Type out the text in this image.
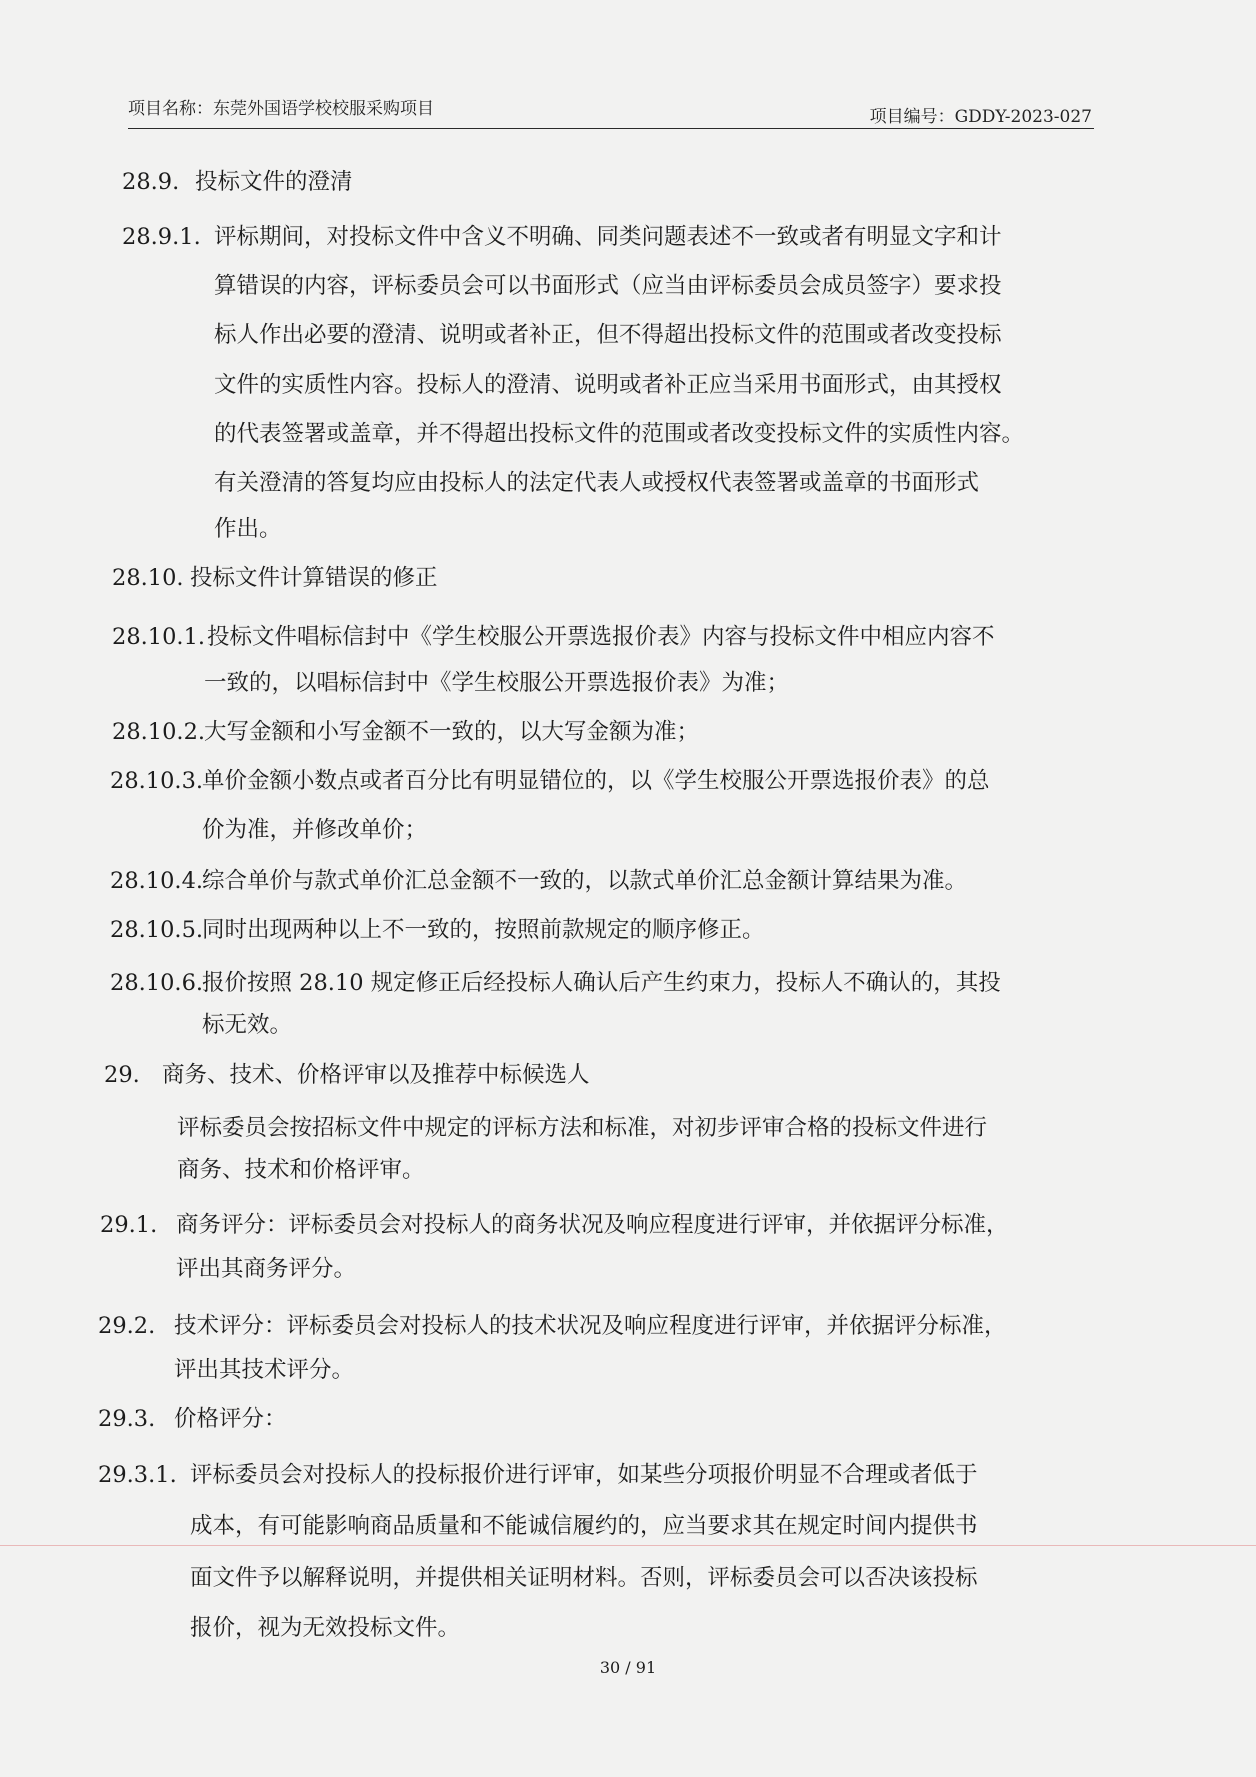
项目名称：东莞外国语学校校服采购项目	项目编号：GDDY-2023-027
28.9. 投标文件的澄清
28.9.1. 评标期间，对投标文件中含义不明确、同类问题表述不一致或者有明显文字和计
算错误的内容，评标委员会可以书面形式（应当由评标委员会成员签字）要求投
标人作出必要的澄清、说明或者补正，但不得超出投标文件的范围或者改变投标
文件的实质性内容。投标人的澄清、说明或者补正应当采用书面形式，由其授权
的代表签署或盖章，并不得超出投标文件的范围或者改变投标文件的实质性内容。
有关澄清的答复均应由投标人的法定代表人或授权代表签署或盖章的书面形式
作出。
28.10. 投标文件计算错误的修正
28.10.1.投标文件唱标信封中《学生校服公开票选报价表》内容与投标文件中相应内容不
一致的，以唱标信封中《学生校服公开票选报价表》为准；
28.10.2.大写金额和小写金额不一致的，以大写金额为准；
28.10.3.单价金额小数点或者百分比有明显错位的，以《学生校服公开票选报价表》的总
价为准，并修改单价；
28.10.4.综合单价与款式单价汇总金额不一致的，以款式单价汇总金额计算结果为准。
28.10.5.同时出现两种以上不一致的，按照前款规定的顺序修正。
28.10.6.报价按照 28.10 规定修正后经投标人确认后产生约束力，投标人不确认的，其投
标无效。
29. 商务、技术、价格评审以及推荐中标候选人
评标委员会按招标文件中规定的评标方法和标准，对初步评审合格的投标文件进行
商务、技术和价格评审。
29.1. 商务评分：评标委员会对投标人的商务状况及响应程度进行评审，并依据评分标准，
评出其商务评分。
29.2. 技术评分：评标委员会对投标人的技术状况及响应程度进行评审，并依据评分标准，
评出其技术评分。
29.3. 价格评分：
29.3.1. 评标委员会对投标人的投标报价进行评审，如某些分项报价明显不合理或者低于
成本，有可能影响商品质量和不能诚信履约的，应当要求其在规定时间内提供书
面文件予以解释说明，并提供相关证明材料。否则，评标委员会可以否决该投标
报价，视为无效投标文件。
30 / 91
